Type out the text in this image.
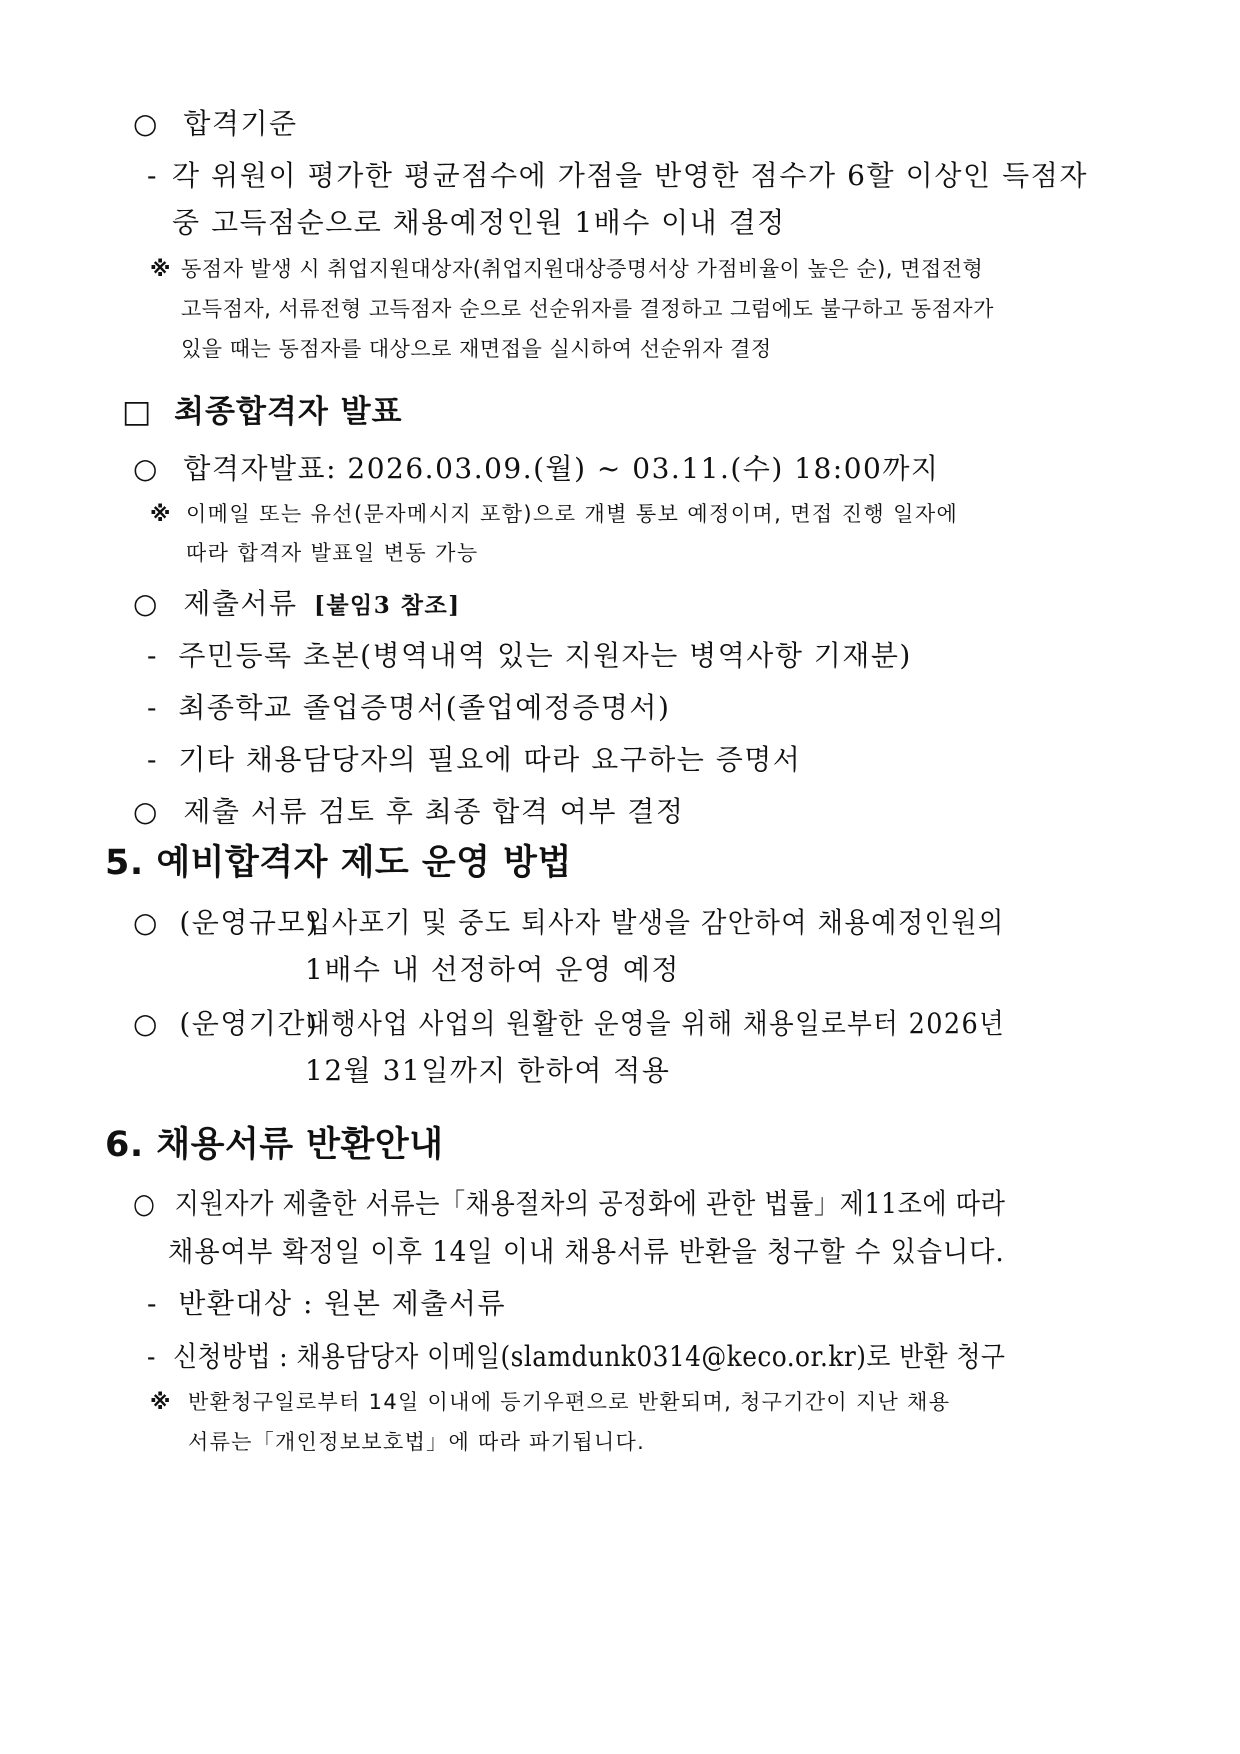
○ 합격기준
- 각 위원이 평가한 평균점수에 가점을 반영한 점수가 6할 이상인 득점자
중 고득점순으로 채용예정인원 1배수 이내 결정
※ 동점자 발생 시 취업지원대상자(취업지원대상증명서상 가점비율이 높은 순), 면접전형
고득점자, 서류전형 고득점자 순으로 선순위자를 결정하고 그럼에도 불구하고 동점자가
있을 때는 동점자를 대상으로 재면접을 실시하여 선순위자 결정
□ 최종합격자 발표
○ 합격자발표: 2026.03.09.(월) ~ 03.11.(수) 18:00까지
※ 이메일 또는 유선(문자메시지 포함)으로 개별 통보 예정이며, 면접 진행 일자에
따라 합격자 발표일 변동 가능
○ 제출서류 [붙임3 참조]
- 주민등록 초본(병역내역 있는 지원자는 병역사항 기재분)
- 최종학교 졸업증명서(졸업예정증명서)
- 기타 채용담당자의 필요에 따라 요구하는 증명서
○ 제출 서류 검토 후 최종 합격 여부 결정
5. 예비합격자 제도 운영 방법
○ (운영규모)
입사포기 및 중도 퇴사자 발생을 감안하여 채용예정인원의
1배수 내 선정하여 운영 예정
○ (운영기간)
대행사업 사업의 원활한 운영을 위해 채용일로부터 2026년
12월 31일까지 한하여 적용
6. 채용서류 반환안내
○ 지원자가 제출한 서류는「채용절차의 공정화에 관한 법률」제11조에 따라
채용여부 확정일 이후 14일 이내 채용서류 반환을 청구할 수 있습니다.
- 반환대상 : 원본 제출서류
- 신청방법 : 채용담당자 이메일(slamdunk0314@keco.or.kr)로 반환 청구
※ 반환청구일로부터 14일 이내에 등기우편으로 반환되며, 청구기간이 지난 채용
서류는「개인정보보호법」에 따라 파기됩니다.
